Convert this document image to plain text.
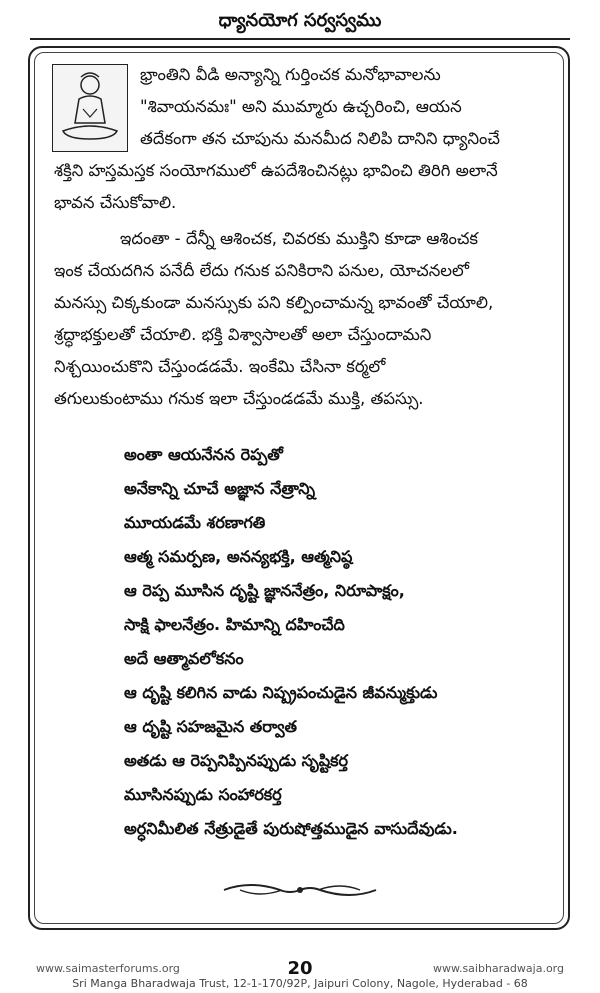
ధ్యానయోగ సర్వస్వము
భ్రాంతిని వీడి అన్యాన్ని గుర్తించక మనోభావాలను
"శివాయనమః" అని ముమ్మారు ఉచ్చరించి, ఆయన
తదేకంగా తన చూపును మనమీద నిలిపి దానిని ధ్యానించే
శక్తిని హస్తమస్తక సంయోగములో ఉపదేశించినట్లు భావించి తిరిగి అలానే
భావన చేసుకోవాలి.
ఇదంతా - దేన్నీ ఆశించక, చివరకు ముక్తిని కూడా ఆశించక
ఇంక చేయదగిన పనేదీ లేదు గనుక పనికిరాని పనుల, యోచనలలో
మనస్సు చిక్కకుండా మనస్సుకు పని కల్పించామన్న భావంతో చేయాలి,
శ్రద్ధాభక్తులతో చేయాలి. భక్తి విశ్వాసాలతో అలా చేస్తుందామని
నిశ్చయించుకొని చేస్తుండడమే. ఇంకేమి చేసినా కర్మలో
తగులుకుంటాము గనుక ఇలా చేస్తుండడమే ముక్తి, తపస్సు.
అంతా ఆయనేనన రెప్పతో
అనేకాన్ని చూచే అజ్ఞాన నేత్రాన్ని
మూయడమే శరణాగతి
ఆత్మ సమర్పణ, అనన్యభక్తి, ఆత్మనిష్ఠ
ఆ రెప్ప మూసిన దృష్టి జ్ఞాననేత్రం, నిరూపాక్షం,
సాక్షి ఫాలనేత్రం. హిమాన్ని దహించేది
అదే ఆత్మావలోకనం
ఆ దృష్టి కలిగిన వాడు నిష్ప్రపంచుడైన జీవన్ముక్తుడు
ఆ దృష్టి సహజమైన తర్వాత
అతడు ఆ రెప్పనిప్పినప్పుడు సృష్టికర్త
మూసినప్పుడు సంహారకర్త
అర్ధనిమీలిత నేత్రుడైతే పురుషోత్తముడైన వాసుదేవుడు.
www.saimasterforums.org	20	www.saibharadwaja.org
Sri Manga Bharadwaja Trust, 12-1-170/92P, Jaipuri Colony, Nagole, Hyderabad - 68
